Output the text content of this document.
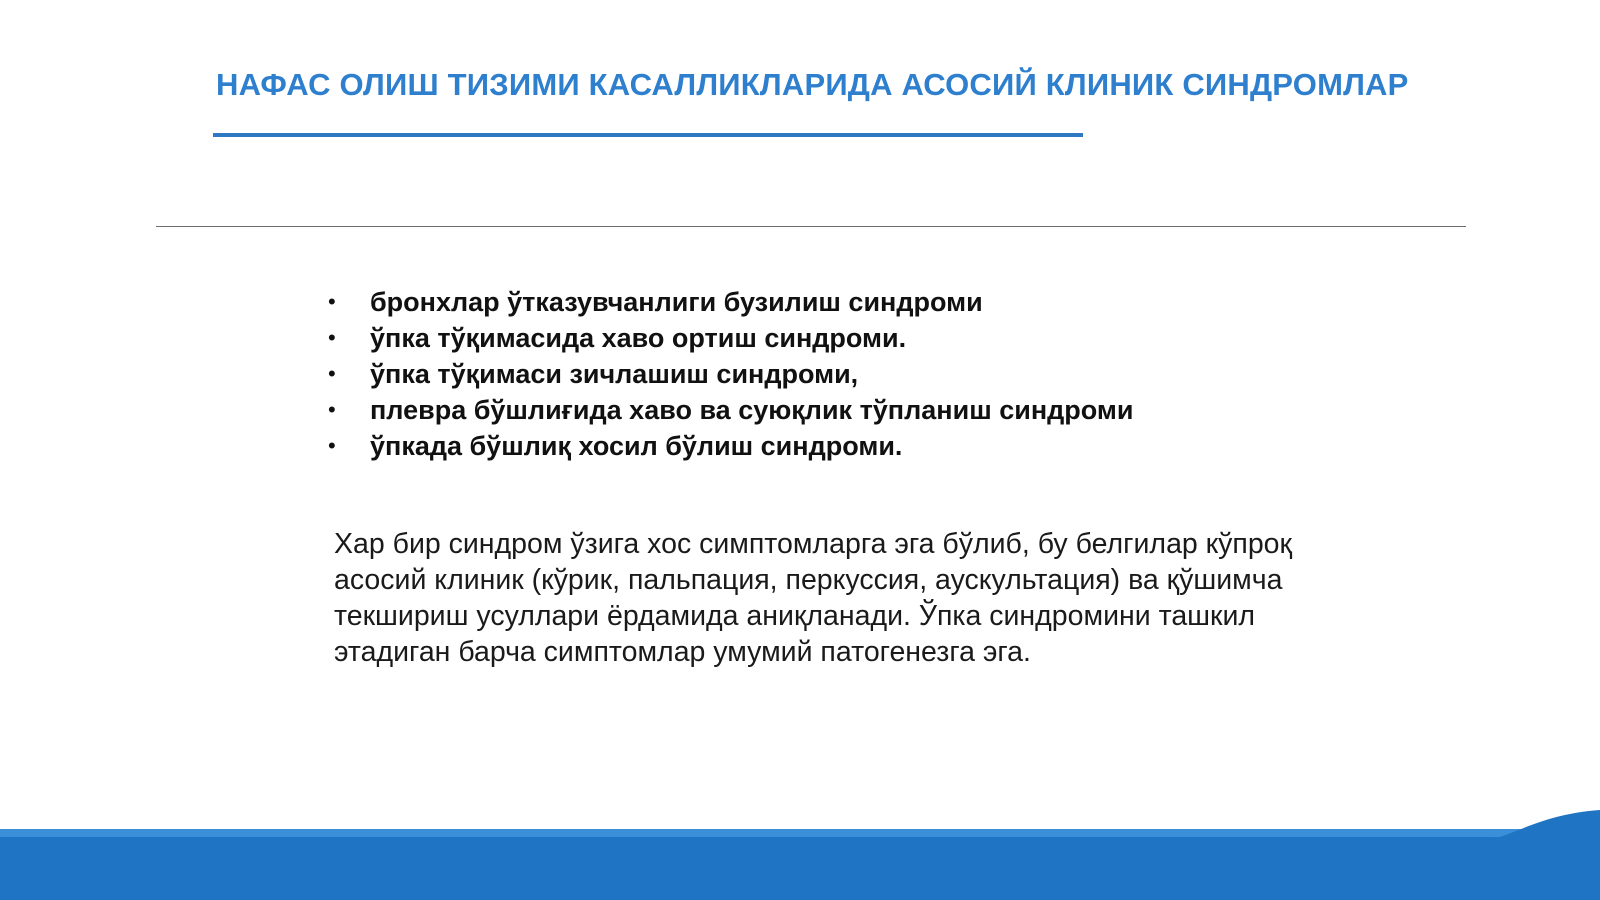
НАФАС ОЛИШ ТИЗИМИ КАСАЛЛИКЛАРИДА АСОСИЙ КЛИНИК СИНДРОМЛАР
• бронхлар ўтказувчанлиги бузилиш синдроми
• ўпка тўқимасида хаво ортиш синдроми.
• ўпка тўқимаси зичлашиш синдроми,
• плевра бўшлиғида хаво ва суюқлик тўпланиш синдроми
• ўпкада бўшлиқ хосил бўлиш синдроми.

Хар бир синдром ўзига хос симптомларга эга бўлиб, бу белгилар кўпроқ
асосий клиник (кўрик, пальпация, перкуссия, аускультация) ва қўшимча
текшириш усуллари ёрдамида аниқланади. Ўпка синдромини ташкил
этадиган барча симптомлар умумий патогенезга эга.
